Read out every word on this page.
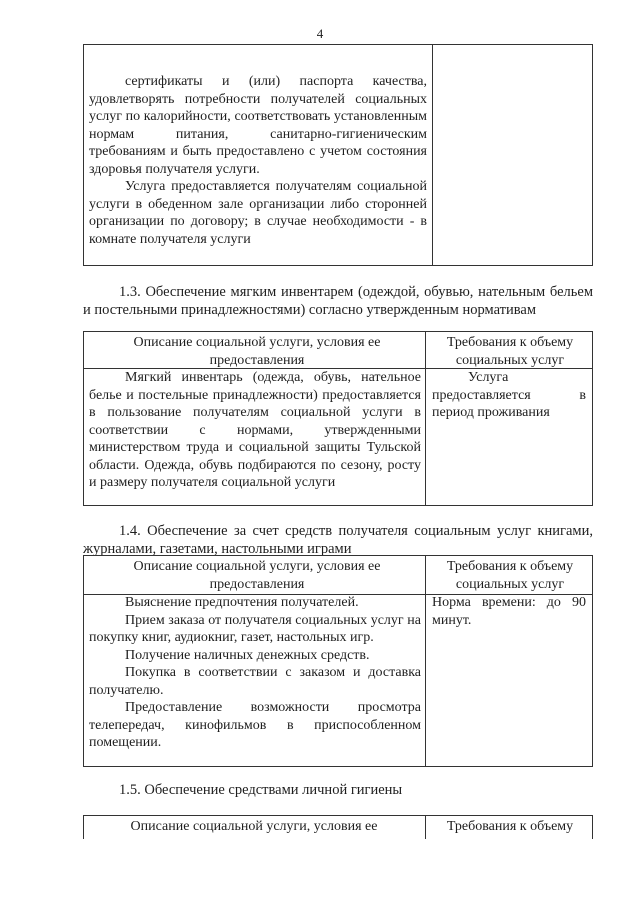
4

сертификаты и (или) паспорта качества, удовлетворять потребности получателей социальных услуг по калорийности, соответствовать установленным нормам питания, санитарно-гигиеническим требованиям и быть предоставлено с учетом состояния здоровья получателя услуги.

Услуга предоставляется получателям социальной услуги в обеденном зале организации либо сторонней организации по договору; в случае необходимости - в комнате получателя услуги

1.3. Обеспечение мягким инвентарем (одеждой, обувью, нательным бельем и постельными принадлежностями) согласно утвержденным нормативам

Описание социальной услуги, условия ее предоставления
Требования к объему социальных услуг
Мягкий инвентарь (одежда, обувь, нательное белье и постельные принадлежности) предоставляется в пользование получателям социальной услуги в соответствии с нормами, утвержденными министерством труда и социальной защиты Тульской области. Одежда, обувь подбираются по сезону, росту и размеру получателя социальной услуги
Услуга предоставляется в период проживания

1.4. Обеспечение за счет средств получателя социальным услуг книгами, журналами, газетами, настольными играми

Описание социальной услуги, условия ее предоставления
Требования к объему социальных услуг

Выяснение предпочтения получателей.

Прием заказа от получателя социальных услуг на покупку книг, аудиокниг, газет, настольных игр.

Получение наличных денежных средств.

Покупка в соответствии с заказом и доставка получателю.

Предоставление возможности просмотра телепередач, кинофильмов в приспособленном помещении.

Норма времени: до 90 минут.

1.5. Обеспечение средствами личной гигиены

Описание социальной услуги, условия ее	Требования к объему
